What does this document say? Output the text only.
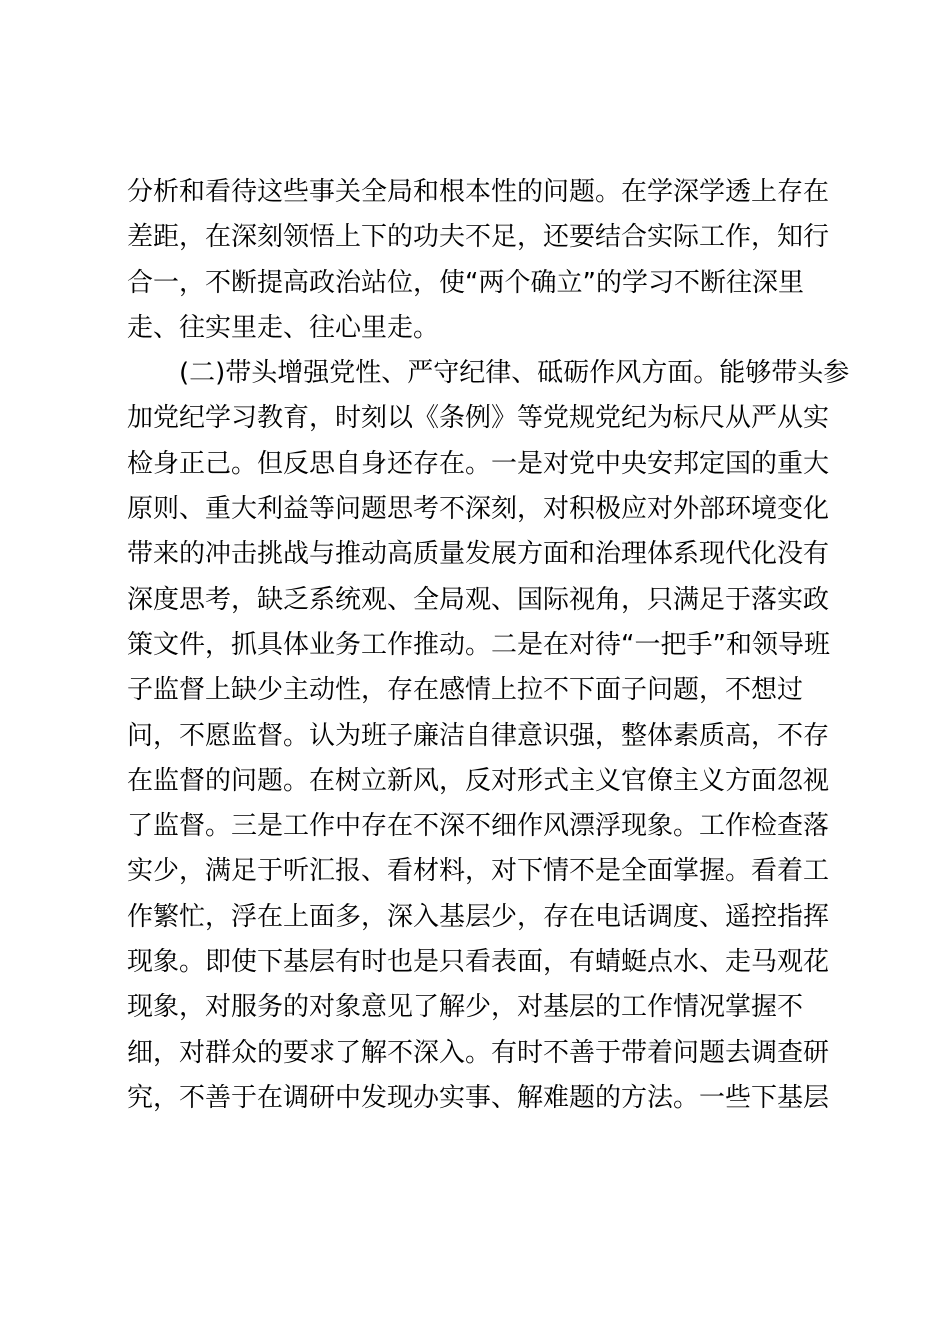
分析和看待这些事关全局和根本性的问题。在学深学透上存在
差距，在深刻领悟上下的功夫不足，还要结合实际工作，知行
合一，不断提高政治站位，使“两个确立”的学习不断往深里
走、往实里走、往心里走。
(二)带头增强党性、严守纪律、砥砺作风方面。能够带头参
加党纪学习教育，时刻以《条例》等党规党纪为标尺从严从实
检身正己。但反思自身还存在。一是对党中央安邦定国的重大
原则、重大利益等问题思考不深刻，对积极应对外部环境变化
带来的冲击挑战与推动高质量发展方面和治理体系现代化没有
深度思考，缺乏系统观、全局观、国际视角，只满足于落实政
策文件，抓具体业务工作推动。二是在对待“一把手”和领导班
子监督上缺少主动性，存在感情上拉不下面子问题，不想过
问，不愿监督。认为班子廉洁自律意识强，整体素质高，不存
在监督的问题。在树立新风，反对形式主义官僚主义方面忽视
了监督。三是工作中存在不深不细作风漂浮现象。工作检查落
实少，满足于听汇报、看材料，对下情不是全面掌握。看着工
作繁忙，浮在上面多，深入基层少，存在电话调度、遥控指挥
现象。即使下基层有时也是只看表面，有蜻蜓点水、走马观花
现象，对服务的对象意见了解少，对基层的工作情况掌握不
细，对群众的要求了解不深入。有时不善于带着问题去调查研
究，不善于在调研中发现办实事、解难题的方法。一些下基层
